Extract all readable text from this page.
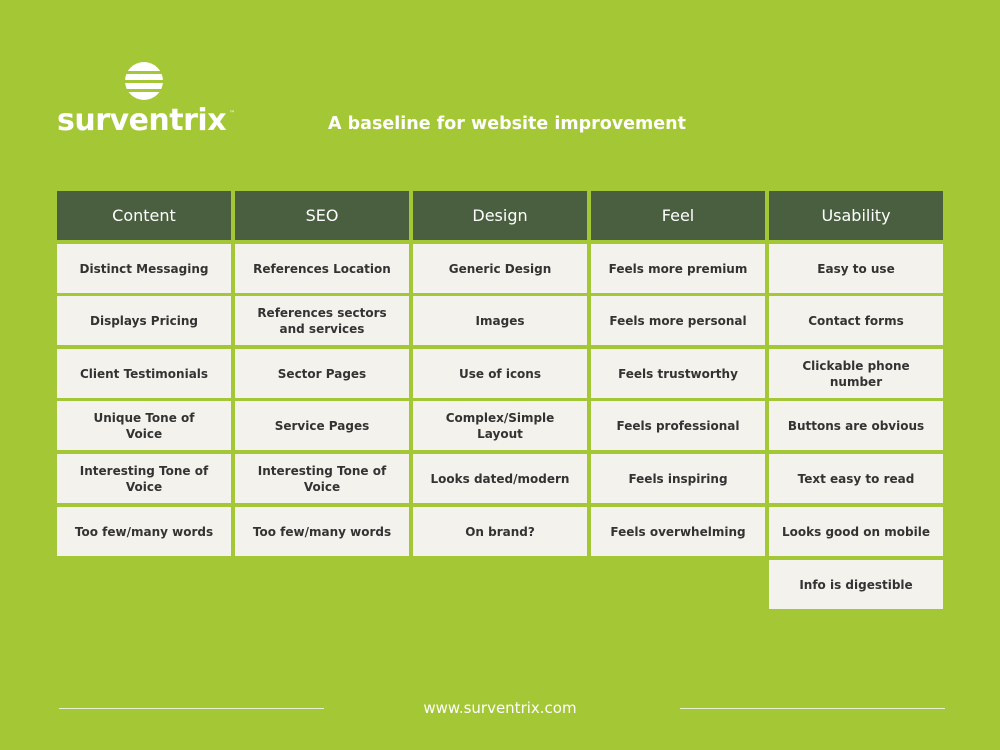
surventrix ™
A baseline for website improvement
Content
Distinct Messaging
Displays Pricing
Client Testimonials
Unique Tone of
Voice
Interesting Tone of Voice
Too few/many words
SEO
References Location
References sectors
and services
Sector Pages
Service Pages
Interesting Tone of Voice
Too few/many words
Design
Generic Design
Images
Use of icons
Complex/Simple
Layout
Looks dated/modern
On brand?
Feel
Feels more premium
Feels more personal
Feels trustworthy
Feels professional
Feels inspiring
Feels overwhelming
Usability
Easy to use
Contact forms
Clickable phone number
Buttons are obvious
Text easy to read
Looks good on mobile
Info is digestible
www.surventrix.com
